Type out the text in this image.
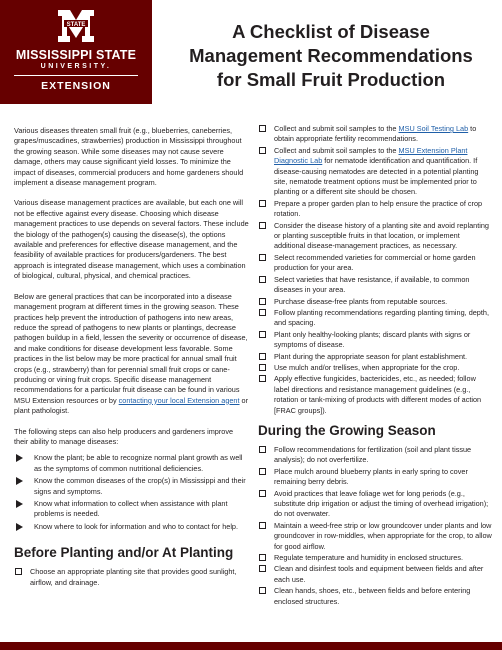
STATE
MISSISSIPPI STATE
UNIVERSITY.
EXTENSION
A Checklist of Disease
Management Recommendations
for Small Fruit Production

Various diseases threaten small fruit (e.g., blueberries, caneberries, grapes/muscadines, strawberries) production in Mississippi throughout the growing season. While some diseases may not cause severe damage, others may cause significant yield losses. To minimize the impact of diseases, commercial producers and home gardeners should implement a disease management program.

Various disease management practices are available, but each one will not be effective against every disease. Choosing which disease management practices to use depends on several factors. These include the biology of the pathogen(s) causing the disease(s), the options available and preferences for effective disease management, and the feasibility of available practices for producers/gardeners. The best approach is integrated disease management, which uses a combination of biological, cultural, physical, and chemical practices.

Below are general practices that can be incorporated into a disease management program at different times in the growing season. These practices help prevent the introduction of pathogens into new areas, reduce the spread of pathogens to new plants or plantings, decrease pathogen buildup in a field, lessen the severity or occurrence of disease, and make conditions for disease development less favorable. Some practices in the list below may be more practical for annual small fruit crops (e.g., strawberry) than for perennial small fruit crops or cane-producing or vining fruit crops. Specific disease management recommendations for a particular fruit disease can be found in various MSU Extension resources or by contacting your local Extension agent or plant pathologist.

The following steps can also help producers and gardeners improve their ability to manage diseases:

Know the plant; be able to recognize normal plant growth as well as the symptoms of common nutritional deficiencies.
Know the common diseases of the crop(s) in Mississippi and their signs and symptoms.
Know what information to collect when assistance with plant problems is needed.
Know where to look for information and who to contact for help.
Before Planting and/or At Planting
Choose an appropriate planting site that provides good sunlight, airflow, and drainage.
Collect and submit soil samples to the MSU Soil Testing Lab to obtain appropriate fertility recommendations.
Collect and submit soil samples to the MSU Extension Plant Diagnostic Lab for nematode identification and quantification. If disease-causing nematodes are detected in a potential planting site, nematode treatment options must be implemented prior to planting or a different site should be chosen.
Prepare a proper garden plan to help ensure the practice of crop rotation.
Consider the disease history of a planting site and avoid replanting or planting susceptible fruits in that location, or implement additional disease-management practices, as necessary.
Select recommended varieties for commercial or home garden production for your area.
Select varieties that have resistance, if available, to common diseases in your area.
Purchase disease-free plants from reputable sources.
Follow planting recommendations regarding planting timing, depth, and spacing.
Plant only healthy-looking plants; discard plants with signs or symptoms of disease.
Plant during the appropriate season for plant establishment.
Use mulch and/or trellises, when appropriate for the crop.
Apply effective fungicides, bactericides, etc., as needed; follow label directions and resistance management guidelines (e.g., rotation or tank-mixing of products with different modes of action [FRAC groups]).
During the Growing Season
Follow recommendations for fertilization (soil and plant tissue analysis); do not overfertilize.
Place mulch around blueberry plants in early spring to cover remaining berry debris.
Avoid practices that leave foliage wet for long periods (e.g., substitute drip irrigation or adjust the timing of overhead irrigation); do not overwater.
Maintain a weed-free strip or low groundcover under plants and low groundcover in row-middles, when appropriate for the crop, to allow for good airflow.
Regulate temperature and humidity in enclosed structures.
Clean and disinfest tools and equipment between fields and after each use.
Clean hands, shoes, etc., between fields and before entering enclosed structures.
